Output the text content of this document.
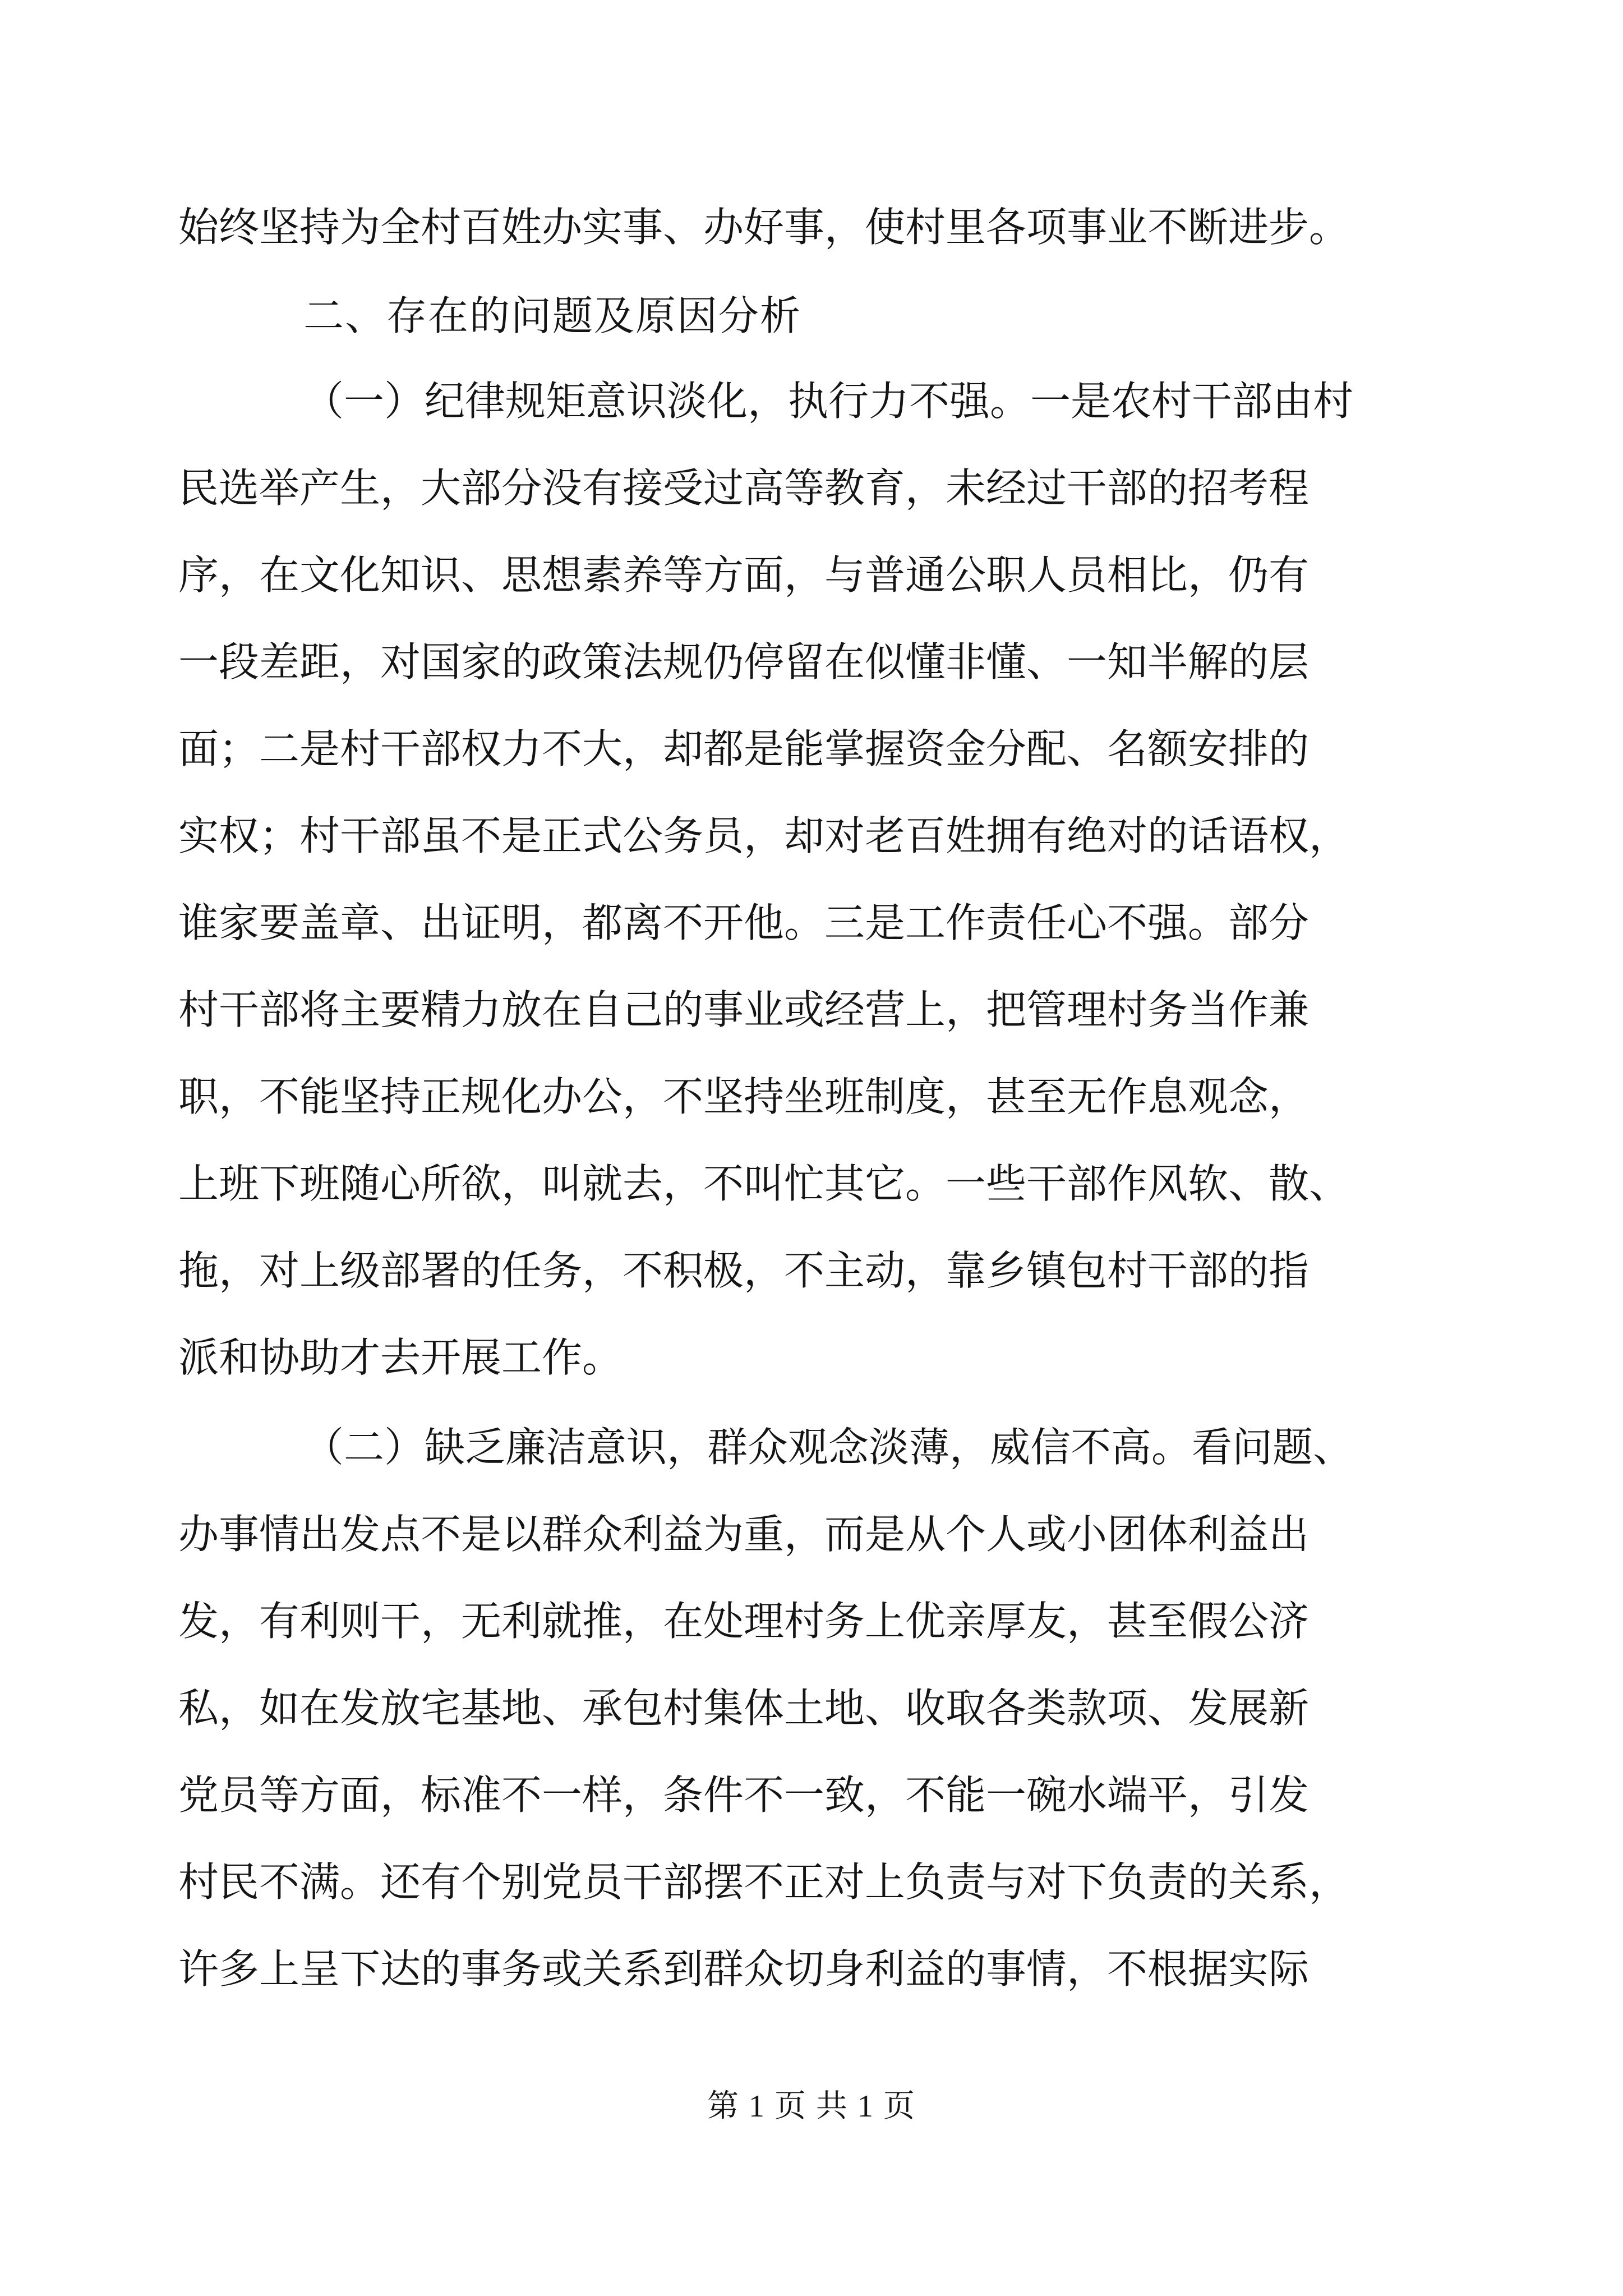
始终坚持为全村百姓办实事、办好事，使村里各项事业不断进步。
二、存在的问题及原因分析
（一）纪律规矩意识淡化，执行力不强。一是农村干部由村
民选举产生，大部分没有接受过高等教育，未经过干部的招考程
序，在文化知识、思想素养等方面，与普通公职人员相比，仍有
一段差距，对国家的政策法规仍停留在似懂非懂、一知半解的层
面；二是村干部权力不大，却都是能掌握资金分配、名额安排的
实权；村干部虽不是正式公务员，却对老百姓拥有绝对的话语权，
谁家要盖章、出证明，都离不开他。三是工作责任心不强。部分
村干部将主要精力放在自己的事业或经营上，把管理村务当作兼
职，不能坚持正规化办公，不坚持坐班制度，甚至无作息观念，
上班下班随心所欲，叫就去，不叫忙其它。一些干部作风软、散、
拖，对上级部署的任务，不积极，不主动，靠乡镇包村干部的指
派和协助才去开展工作。
（二）缺乏廉洁意识，群众观念淡薄，威信不高。看问题、
办事情出发点不是以群众利益为重，而是从个人或小团体利益出
发，有利则干，无利就推，在处理村务上优亲厚友，甚至假公济
私，如在发放宅基地、承包村集体土地、收取各类款项、发展新
党员等方面，标准不一样，条件不一致，不能一碗水端平，引发
村民不满。还有个别党员干部摆不正对上负责与对下负责的关系，
许多上呈下达的事务或关系到群众切身利益的事情，不根据实际
第 1 页 共 1 页
